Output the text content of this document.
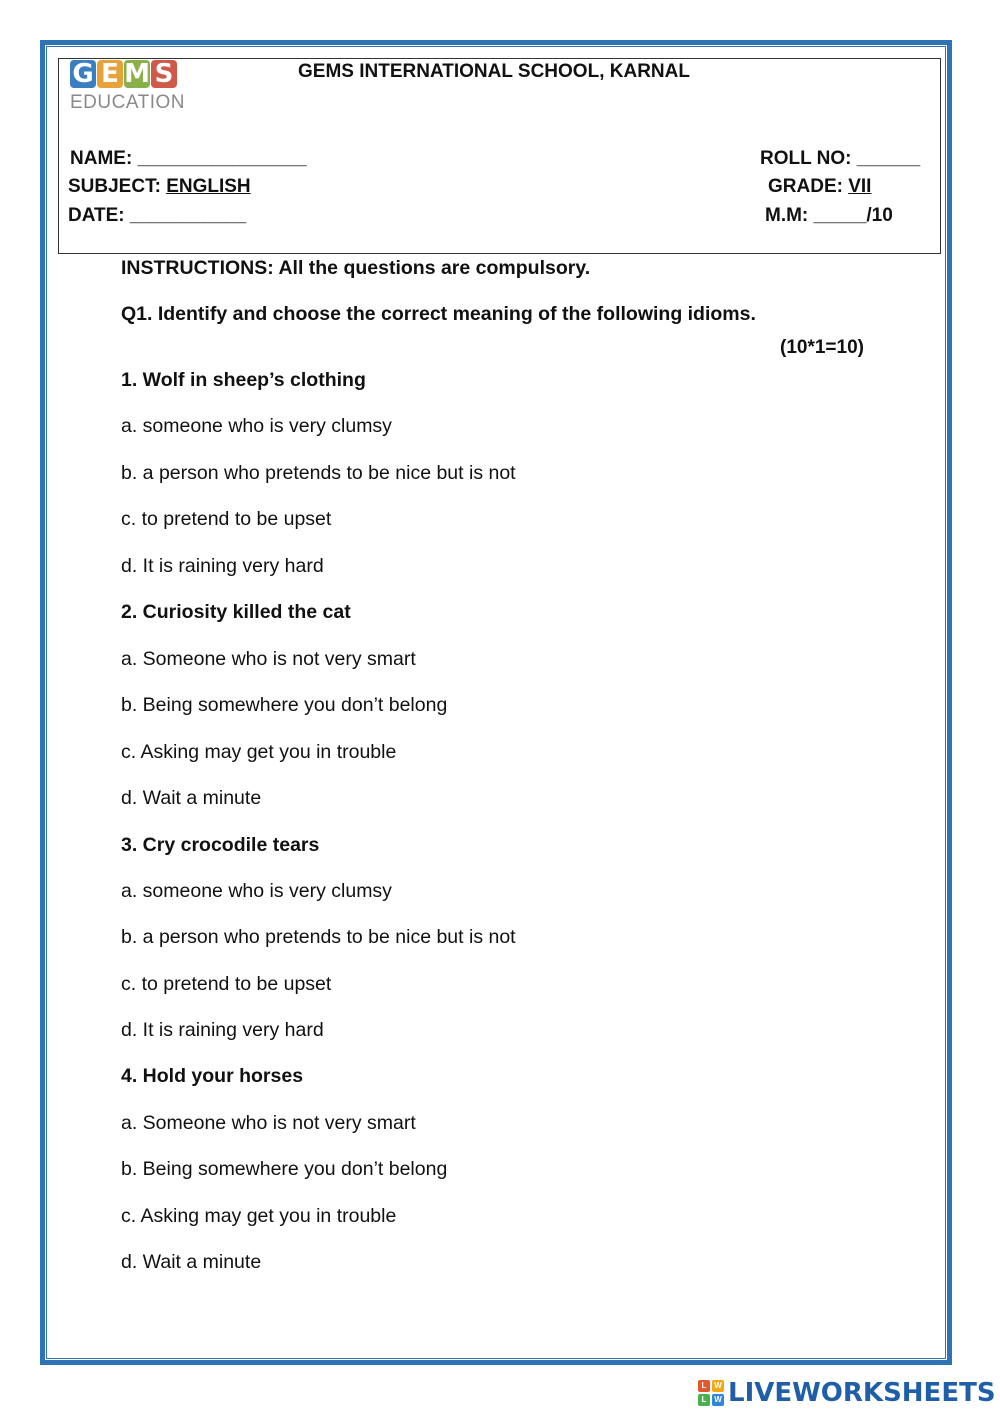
G E M S
EDUCATION
GEMS INTERNATIONAL SCHOOL, KARNAL
NAME: ________________	ROLL NO: ______
SUBJECT: ENGLISH	GRADE: VII
DATE: ___________	M.M: _____/10
INSTRUCTIONS: All the questions are compulsory.
Q1. Identify and choose the correct meaning of the following idioms.
(10*1=10)
1. Wolf in sheep’s clothing
a. someone who is very clumsy
b. a person who pretends to be nice but is not
c. to pretend to be upset
d. It is raining very hard
2. Curiosity killed the cat
a. Someone who is not very smart
b. Being somewhere you don’t belong
c. Asking may get you in trouble
d. Wait a minute
3. Cry crocodile tears
a. someone who is very clumsy
b. a person who pretends to be nice but is not
c. to pretend to be upset
d. It is raining very hard
4. Hold your horses
a. Someone who is not very smart
b. Being somewhere you don’t belong
c. Asking may get you in trouble
d. Wait a minute
L W
L W LIVEWORKSHEETS
